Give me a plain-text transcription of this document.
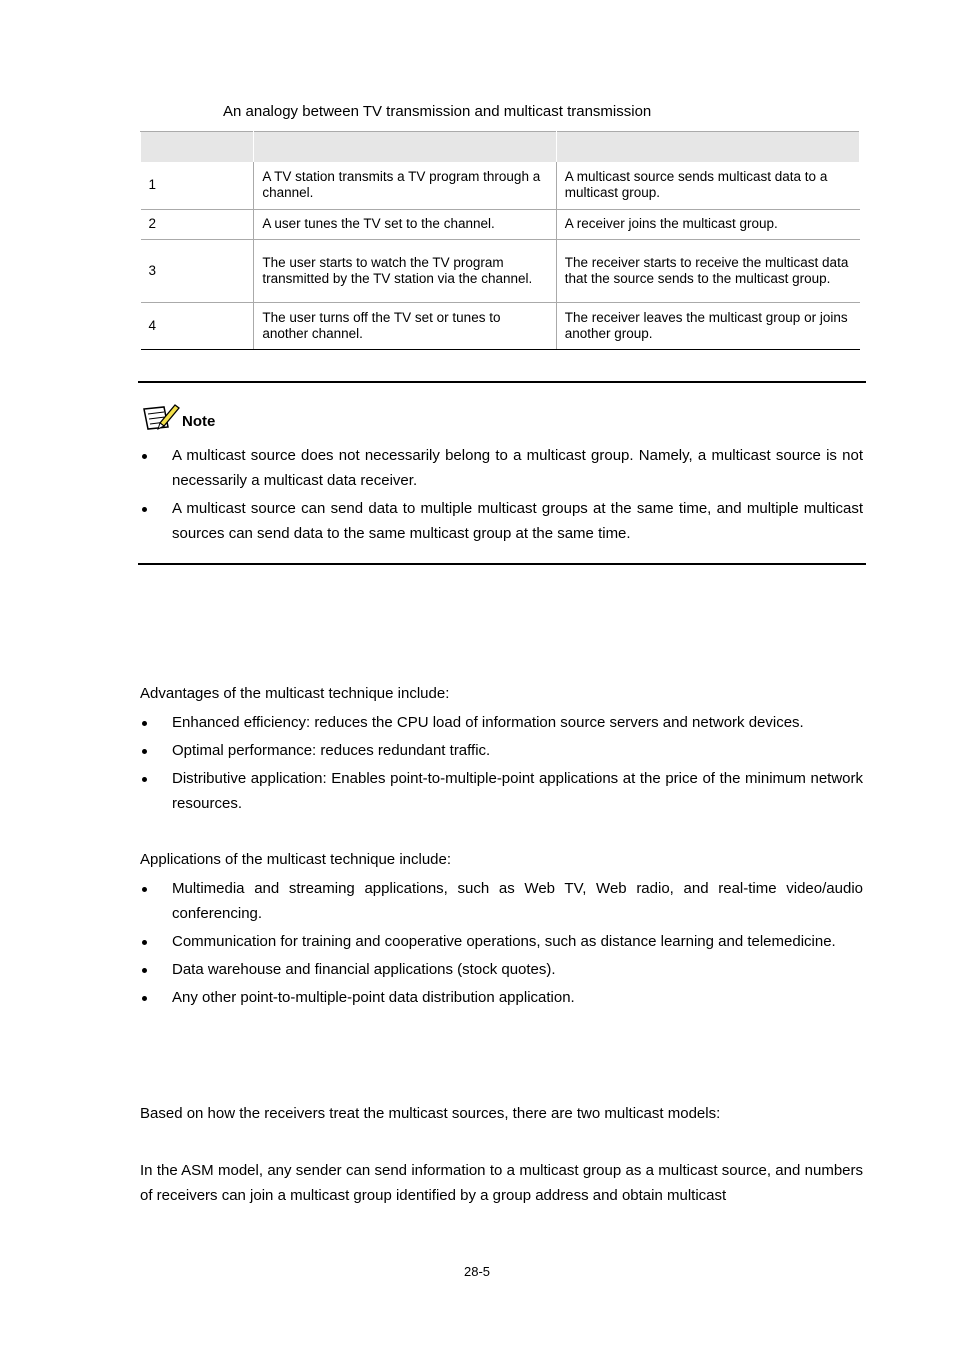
An analogy between TV transmission and multicast transmission

1	A TV station transmits a TV program through a channel.	A multicast source sends multicast data to a multicast group.
2	A user tunes the TV set to the channel.	A receiver joins the multicast group.
3	The user starts to watch the TV program transmitted by the TV station via the channel.	The receiver starts to receive the multicast data that the source sends to the multicast group.
4	The user turns off the TV set or tunes to another channel.	The receiver leaves the multicast group or joins another group.
Note
A multicast source does not necessarily belong to a multicast group. Namely, a multicast source is not necessarily a multicast data receiver.
A multicast source can send data to multiple multicast groups at the same time, and multiple multicast sources can send data to the same multicast group at the same time.
Advantages of the multicast technique include:
Enhanced efficiency: reduces the CPU load of information source servers and network devices.
Optimal performance: reduces redundant traffic.
Distributive application: Enables point-to-multiple-point applications at the price of the minimum network resources.
Applications of the multicast technique include:
Multimedia and streaming applications, such as Web TV, Web radio, and real-time video/audio conferencing.
Communication for training and cooperative operations, such as distance learning and telemedicine.
Data warehouse and financial applications (stock quotes).
Any other point-to-multiple-point data distribution application.
Based on how the receivers treat the multicast sources, there are two multicast models:
In the ASM model, any sender can send information to a multicast group as a multicast source, and numbers of receivers can join a multicast group identified by a group address and obtain multicast
28-5
